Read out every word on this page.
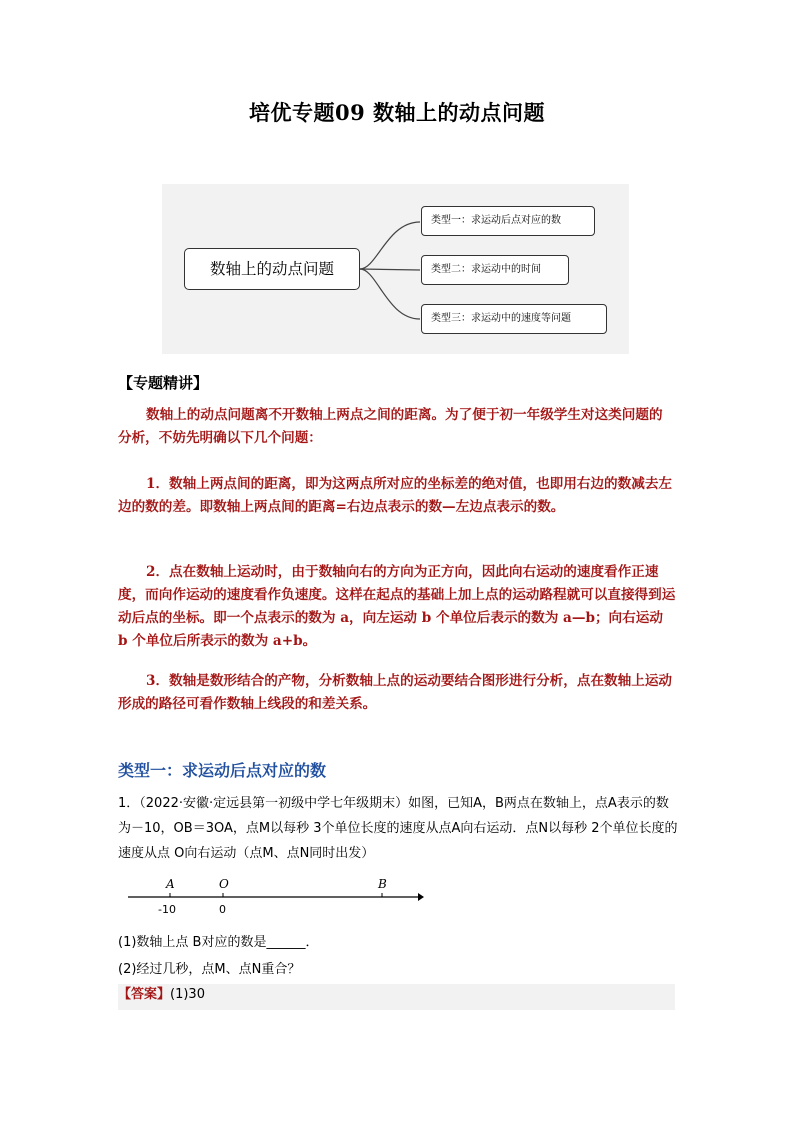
培优专题09 数轴上的动点问题
数轴上的动点问题
类型一：求运动后点对应的数
类型二：求运动中的时间
类型三：求运动中的速度等问题
【专题精讲】
数轴上的动点问题离不开数轴上两点之间的距离。为了便于初一年级学生对这类问题的分析，不妨先明确以下几个问题：
1．数轴上两点间的距离，即为这两点所对应的坐标差的绝对值，也即用右边的数减去左边的数的差。即数轴上两点间的距离=右边点表示的数—左边点表示的数。
2．点在数轴上运动时，由于数轴向右的方向为正方向，因此向右运动的速度看作正速度，而向作运动的速度看作负速度。这样在起点的基础上加上点的运动路程就可以直接得到运动后点的坐标。即一个点表示的数为 a，向左运动 b 个单位后表示的数为 a—b；向右运动 b 个单位后所表示的数为 a+b。
3．数轴是数形结合的产物，分析数轴上点的运动要结合图形进行分析，点在数轴上运动形成的路径可看作数轴上线段的和差关系。
类型一：求运动后点对应的数
1．（2022·安徽·定远县第一初级中学七年级期末）如图，已知A，B两点在数轴上，点A表示的数为－10，OB＝3OA，点M以每秒 3个单位长度的速度从点A向右运动．点N以每秒 2个单位长度的速度从点 O向右运动（点M、点N同时出发）
A	O	B
-10	0
(1)数轴上点 B对应的数是______．
(2)经过几秒，点M、点N重合？
【答案】(1)30
